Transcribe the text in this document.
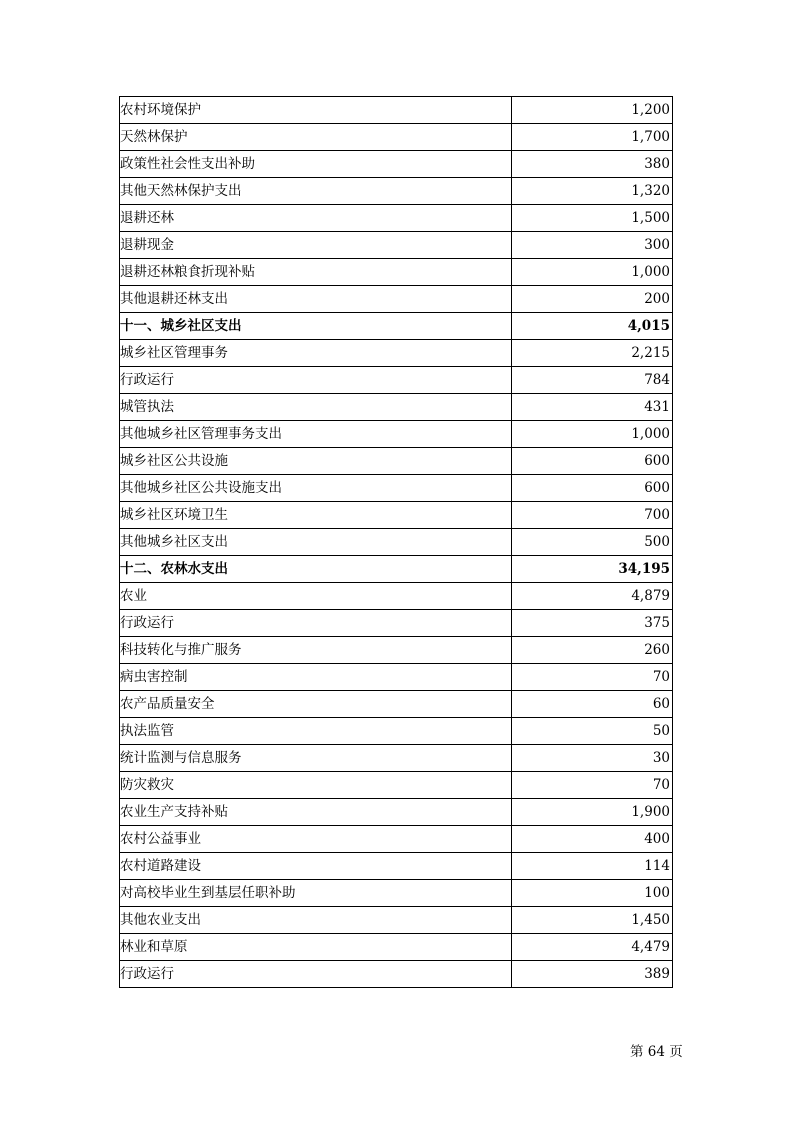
农村环境保护	1,200
天然林保护	1,700
政策性社会性支出补助	380
其他天然林保护支出	1,320
退耕还林	1,500
退耕现金	300
退耕还林粮食折现补贴	1,000
其他退耕还林支出	200
十一、城乡社区支出	4,015
城乡社区管理事务	2,215
行政运行	784
城管执法	431
其他城乡社区管理事务支出	1,000
城乡社区公共设施	600
其他城乡社区公共设施支出	600
城乡社区环境卫生	700
其他城乡社区支出	500
十二、农林水支出	34,195
农业	4,879
行政运行	375
科技转化与推广服务	260
病虫害控制	70
农产品质量安全	60
执法监管	50
统计监测与信息服务	30
防灾救灾	70
农业生产支持补贴	1,900
农村公益事业	400
农村道路建设	114
对高校毕业生到基层任职补助	100
其他农业支出	1,450
林业和草原	4,479
行政运行	389
第 64 页
